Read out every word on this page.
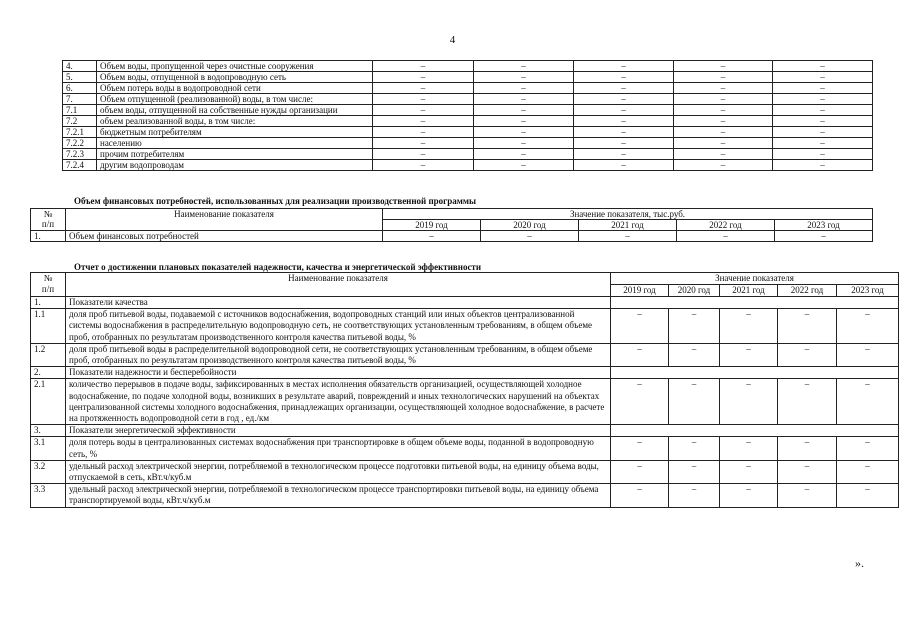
4
4.	Объем воды, пропущенной через очистные сооружения	–	–	–	–	–
5.	Объем воды, отпущенной в водопроводную сеть	–	–	–	–	–
6.	Объем потерь воды в водопроводной сети	–	–	–	–	–
7.	Объем отпущенной (реализованной) воды, в том числе:	–	–	–	–	–
7.1	объем воды, отпущенной на собственные нужды организации	–	–	–	–	–
7.2	объем реализованной воды, в том числе:	–	–	–	–	–
7.2.1	бюджетным потребителям	–	–	–	–	–
7.2.2	населению	–	–	–	–	–
7.2.3	прочим потребителям	–	–	–	–	–
7.2.4	другим водопроводам	–	–	–	–	–
Объем финансовых потребностей, использованных для реализации производственной программы
№
п/п	Наименование показателя	Значение показателя, тыс.руб.				
		2019 год	2020 год	2021 год	2022 год	2023 год
1.	Объем финансовых потребностей	–	–	–	–	–
Отчет о достижении плановых показателей надежности, качества и энергетической эффективности
№
п/п	Наименование показателя	Значение показателя				
		2019 год	2020 год	2021 год	2022 год	2023 год
1.	Показатели качества					
1.1	доля проб питьевой воды, подаваемой с источников водоснабжения, водопроводных станций или иных объектов централизованной системы водоснабжения в распределительную водопроводную сеть, не соответствующих установленным требованиям, в общем объеме проб, отобранных по результатам производственного контроля качества питьевой воды, %	–	–	–	–	–
1.2	доля проб питьевой воды в распределительной водопроводной сети, не соответствующих установленным требованиям, в общем объеме проб, отобранных по результатам производственного контроля качества питьевой воды, %	–	–	–	–	–
2.	Показатели надежности и бесперебойности					
2.1	количество перерывов в подаче воды, зафиксированных в местах исполнения обязательств организацией, осуществляющей холодное водоснабжение, по подаче холодной воды, возникших в результате аварий, повреждений и иных технологических нарушений на объектах централизованной системы холодного водоснабжения, принадлежащих организации, осуществляющей холодное водоснабжение, в расчете на протяженность водопроводной сети в год , ед./км	–	–	–	–	–
3.	Показатели энергетической эффективности					
3.1	доля потерь воды в централизованных системах водоснабжения при транспортировке в общем объеме воды, поданной в водопроводную сеть, %	–	–	–	–	–
3.2	удельный расход электрической энергии, потребляемой в технологическом процессе подготовки питьевой воды, на единицу объема воды, отпускаемой в сеть, кВт.ч/куб.м	–	–	–	–	–
3.3	удельный расход электрической энергии, потребляемой в технологическом процессе транспортировки питьевой воды, на единицу объема транспортируемой воды, кВт.ч/куб.м	–	–	–	–	–
».
